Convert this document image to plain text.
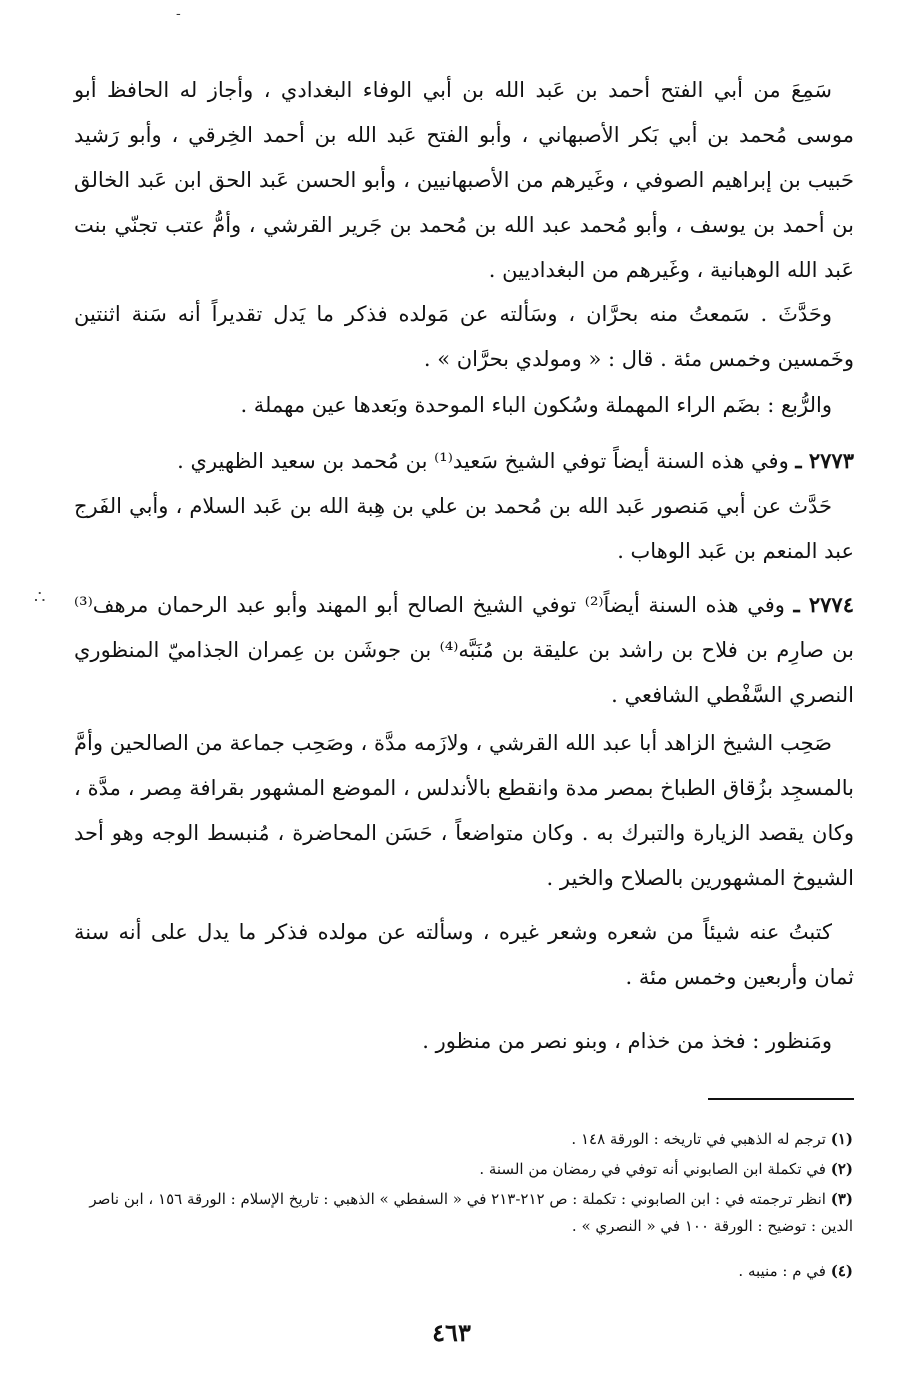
-
∴

سَمِعَ من أبي الفتح أحمد بن عَبد الله بن أبي الوفاء البغدادي ، وأجاز له الحافظ أبو موسى مُحمد بن أبي بَكر الأصبهاني ، وأبو الفتح عَبد الله بن أحمد الخِرقي ، وأبو رَشيد حَبيب بن إبراهيم الصوفي ، وغَيرهم من الأصبهانيين ، وأبو الحسن عَبد الحق ابن عَبد الخالق بن أحمد بن يوسف ، وأبو مُحمد عبد الله بن مُحمد بن جَرير القرشي ، وأمُّ عتب تجنّي بنت عَبد الله الوهبانية ، وغَيرهم من البغداديين .

وحَدَّثَ . سَمعتُ منه بحرَّان ، وسَألته عن مَولده فذكر ما يَدل تقديراً أنه سَنة اثنتين وخَمسين وخمس مئة . قال : « ومولدي بحرَّان » .

والرُّبع : بضَم الراء المهملة وسُكون الباء الموحدة وبَعدها عين مهملة .

٢٧٧٣ ـ وفي هذه السنة أيضاً توفي الشيخ سَعيد⁽¹⁾ بن مُحمد بن سعيد الظهيري .

حَدَّث عن أبي مَنصور عَبد الله بن مُحمد بن علي بن هِبة الله بن عَبد السلام ، وأبي الفَرج عبد المنعم بن عَبد الوهاب .

٢٧٧٤ ـ وفي هذه السنة أيضاً⁽²⁾ توفي الشيخ الصالح أبو المهند وأبو عبد الرحمان مرهف⁽³⁾ بن صارِم بن فلاح بن راشد بن عليقة بن مُنَبَّه⁽⁴⁾ بن جوشَن بن عِمران الجذاميّ المنظوري النصري السَّفْطي الشافعي .

صَحِب الشيخ الزاهد أبا عبد الله القرشي ، ولازَمه مدَّة ، وصَحِب جماعة من الصالحين وأمَّ بالمسجِد بزُقاق الطباخ بمصر مدة وانقطع بالأندلس ، الموضع المشهور بقرافة مِصر ، مدَّة ، وكان يقصد الزيارة والتبرك به . وكان متواضعاً ، حَسَن المحاضرة ، مُنبسط الوجه وهو أحد الشيوخ المشهورين بالصلاح والخير .

كتبتُ عنه شيئاً من شعره وشعر غيره ، وسألته عن مولده فذكر ما يدل على أنه سنة ثمان وأربعين وخمس مئة .

ومَنظور : فخذ من خذام ، وبنو نصر من منظور .

(١) ترجم له الذهبي في تاريخه : الورقة ١٤٨ .

(٢) في تكملة ابن الصابوني أنه توفي في رمضان من السنة .

(٣) انظر ترجمته في : ابن الصابوني : تكملة : ص ٢١٢-٢١٣ في « السفطي » الذهبي : تاريخ الإسلام : الورقة ١٥٦ ، ابن ناصر الدين : توضيح : الورقة ١٠٠ في « النصري » .

(٤) في م : منيبه .

٤٦٣
